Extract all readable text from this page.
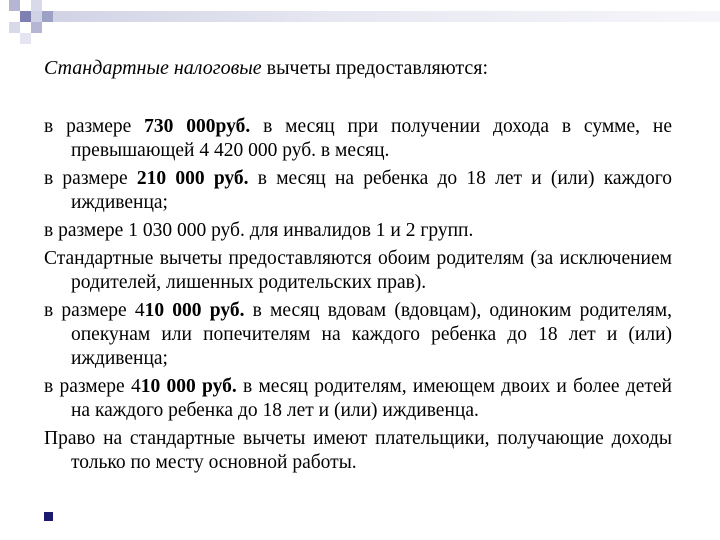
Стандартные налоговые вычеты предоставляются:

в размере 730 000руб. в месяц при получении дохода в сумме, не превышающей 4 420 000 руб. в месяц.

в размере 210 000 руб. в месяц на ребенка до 18 лет и (или) каждого иждивенца;

в размере 1 030 000 руб. для инвалидов 1 и 2 групп.

Стандартные вычеты предоставляются обоим родителям (за исключением родителей, лишенных родительских прав).

в размере 410 000 руб. в месяц вдовам (вдовцам), одиноким родителям, опекунам или попечителям на каждого ребенка до 18 лет и (или) иждивенца;

в размере 410 000 руб. в месяц родителям, имеющем двоих и более детей на каждого ребенка до 18 лет и (или) иждивенца.

Право на стандартные вычеты имеют плательщики, получающие доходы только по месту основной работы.
